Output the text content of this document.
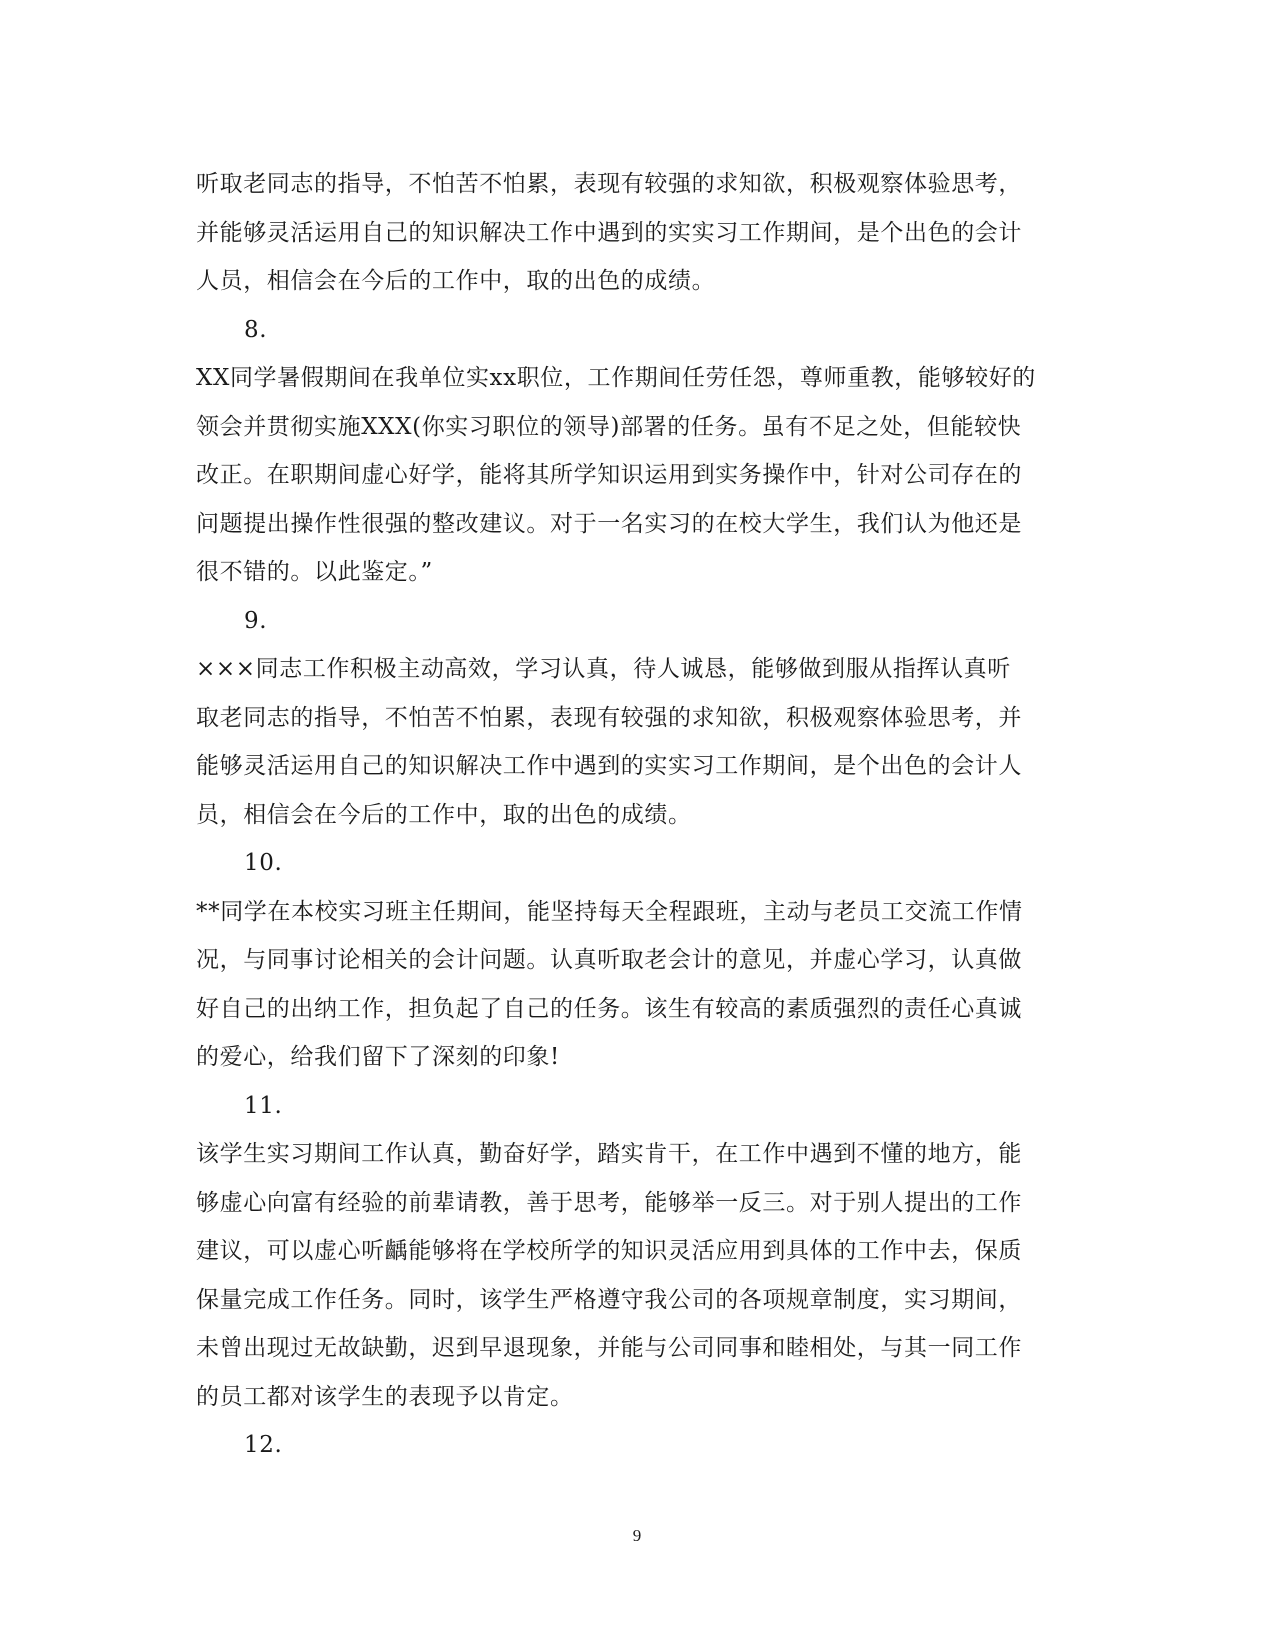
听取老同志的指导，不怕苦不怕累，表现有较强的求知欲，积极观察体验思考，
并能够灵活运用自己的知识解决工作中遇到的实实习工作期间，是个出色的会计
人员，相信会在今后的工作中，取的出色的成绩。
8.
XX同学暑假期间在我单位实xx职位，工作期间任劳任怨，尊师重教，能够较好的
领会并贯彻实施XXX(你实习职位的领导)部署的任务。虽有不足之处，但能较快
改正。在职期间虚心好学，能将其所学知识运用到实务操作中，针对公司存在的
问题提出操作性很强的整改建议。对于一名实习的在校大学生，我们认为他还是
很不错的。以此鉴定。”
9.
×××同志工作积极主动高效，学习认真，待人诚恳，能够做到服从指挥认真听
取老同志的指导，不怕苦不怕累，表现有较强的求知欲，积极观察体验思考，并
能够灵活运用自己的知识解决工作中遇到的实实习工作期间，是个出色的会计人
员，相信会在今后的工作中，取的出色的成绩。
10.
**同学在本校实习班主任期间，能坚持每天全程跟班，主动与老员工交流工作情
况，与同事讨论相关的会计问题。认真听取老会计的意见，并虚心学习，认真做
好自己的出纳工作，担负起了自己的任务。该生有较高的素质强烈的责任心真诚
的爱心，给我们留下了深刻的印象!
11.
该学生实习期间工作认真，勤奋好学，踏实肯干，在工作中遇到不懂的地方，能
够虚心向富有经验的前辈请教，善于思考，能够举一反三。对于别人提出的工作
建议，可以虚心听齲能够将在学校所学的知识灵活应用到具体的工作中去，保质
保量完成工作任务。同时，该学生严格遵守我公司的各项规章制度，实习期间，
未曾出现过无故缺勤，迟到早退现象，并能与公司同事和睦相处，与其一同工作
的员工都对该学生的表现予以肯定。
12.
9
